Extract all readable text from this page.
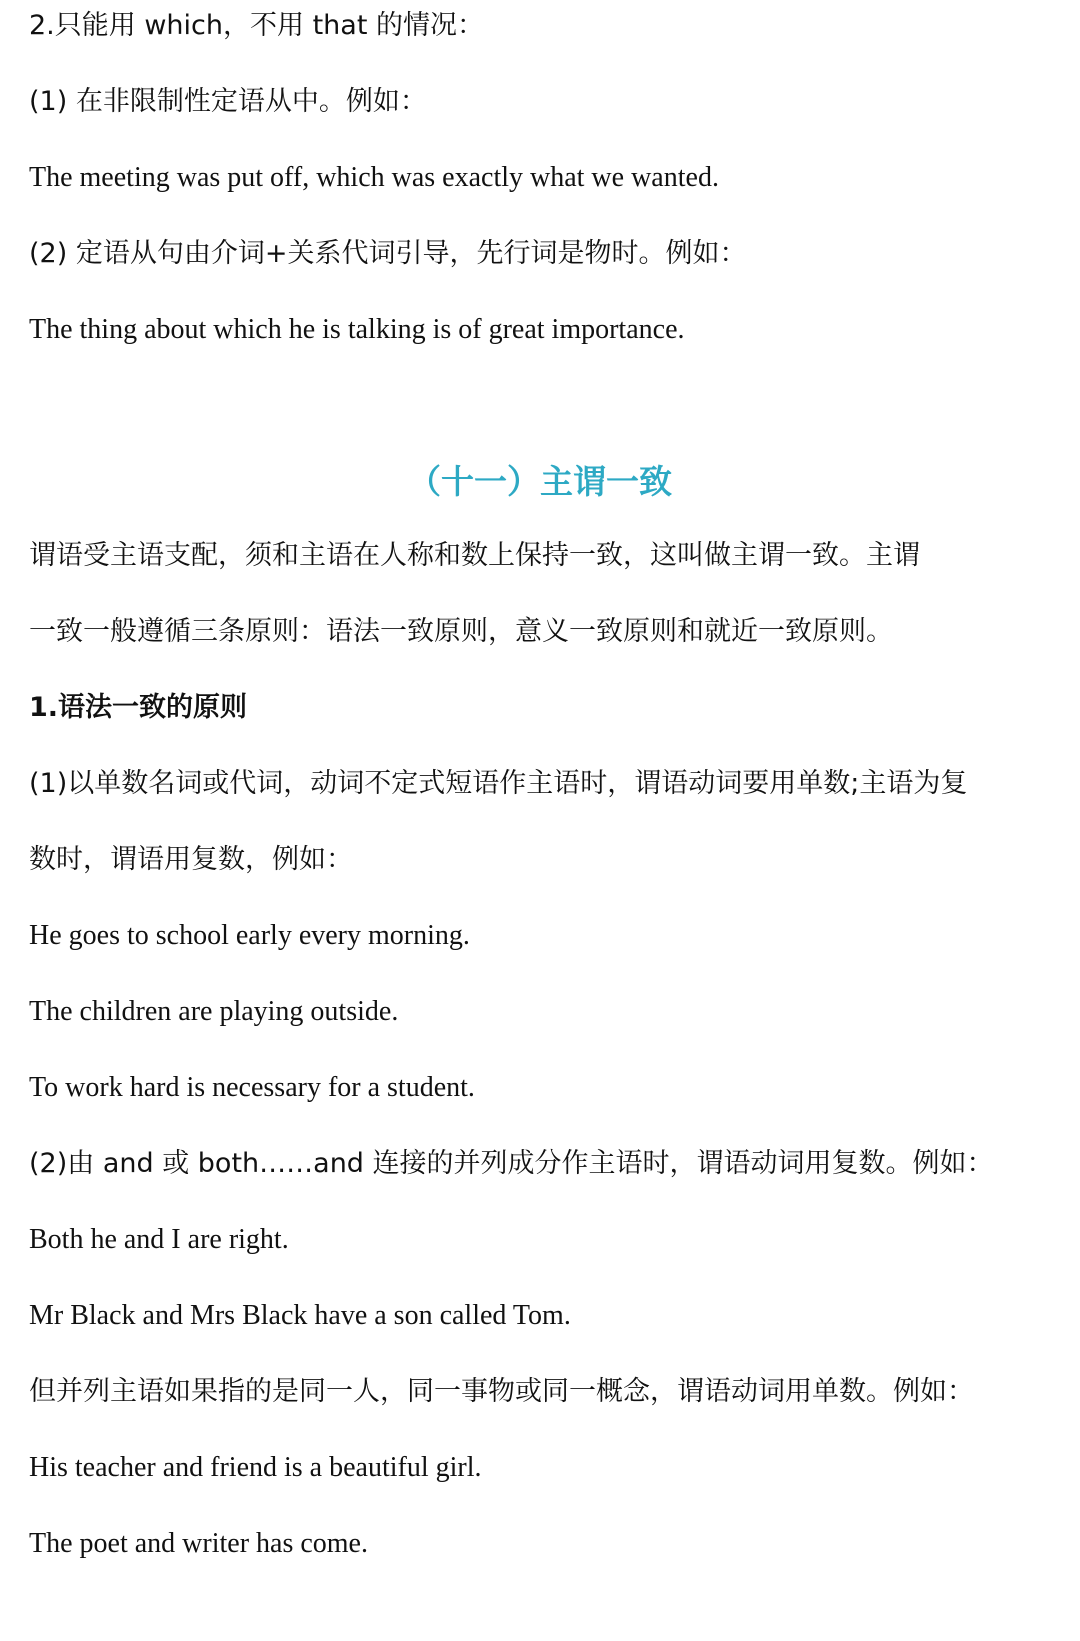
2.只能用 which，不用 that 的情况：
(1) 在非限制性定语从中。例如：
The meeting was put off, which was exactly what we wanted.
(2) 定语从句由介词+关系代词引导，先行词是物时。例如：
The thing about which he is talking is of great importance.
（十一）主谓一致
谓语受主语支配，须和主语在人称和数上保持一致，这叫做主谓一致。主谓
一致一般遵循三条原则：语法一致原则，意义一致原则和就近一致原则。
1.语法一致的原则
(1)以单数名词或代词，动词不定式短语作主语时，谓语动词要用单数;主语为复
数时，谓语用复数，例如：
He goes to school early every morning.
The children are playing outside.
To work hard is necessary for a student.
(2)由 and 或 both……and 连接的并列成分作主语时，谓语动词用复数。例如：
Both he and I are right.
Mr Black and Mrs Black have a son called Tom.
但并列主语如果指的是同一人，同一事物或同一概念，谓语动词用单数。例如：
His teacher and friend is a beautiful girl.
The poet and writer has come.
